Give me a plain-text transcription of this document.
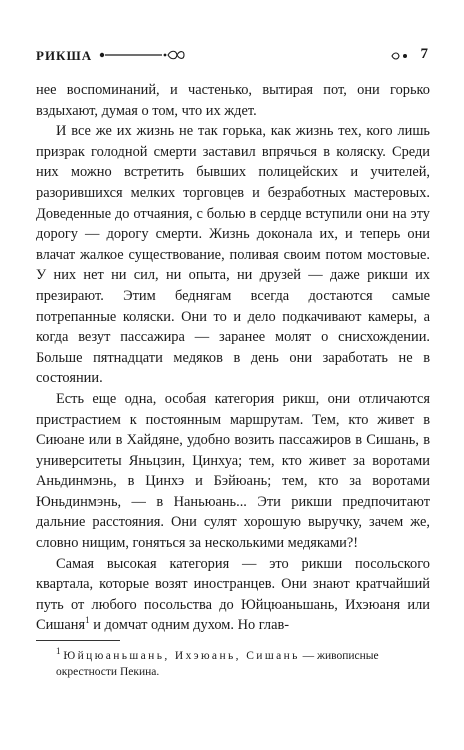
РИКША	7

нее воспоминаний, и частенько, вытирая пот, они горько вздыхают, думая о том, что их ждет.

И все же их жизнь не так горька, как жизнь тех, кого лишь призрак голодной смерти заставил впрячься в коляску. Среди них можно встретить бывших полицейских и учителей, разорившихся мелких торговцев и безработных мастеровых. Доведенные до отчаяния, с болью в сердце вступили они на эту дорогу — дорогу смерти. Жизнь доконала их, и теперь они влачат жалкое существование, поливая своим потом мостовые. У них нет ни сил, ни опыта, ни друзей — даже рикши их презирают. Этим беднягам всегда достаются самые потрепанные коляски. Они то и дело подкачивают камеры, а когда везут пассажира — заранее молят о снисхождении. Больше пятнадцати медяков в день они заработать не в состоянии.

Есть еще одна, особая категория рикш, они отличаются пристрастием к постоянным маршрутам. Тем, кто живет в Сиюане или в Хайдяне, удобно возить пассажиров в Сишань, в университеты Яньцзин, Цинхуа; тем, кто живет за воротами Аньдинмэнь, в Цинхэ и Бэйюань; тем, кто за воротами Юньдинмэнь, — в Наньюань... Эти рикши предпочитают дальние расстояния. Они сулят хорошую выручку, зачем же, словно нищим, гоняться за несколькими медяками?!

Самая высокая категория — это рикши посольского квартала, которые возят иностранцев. Они знают кратчайший путь от любого посольства до Юйцюаньшань, Ихэюаня или Сишаня$^1$ и домчат одним духом. Но глав-

$^1$ Юйцюаньшань, Ихэюань, Сишань — живописные окрестности Пекина.
